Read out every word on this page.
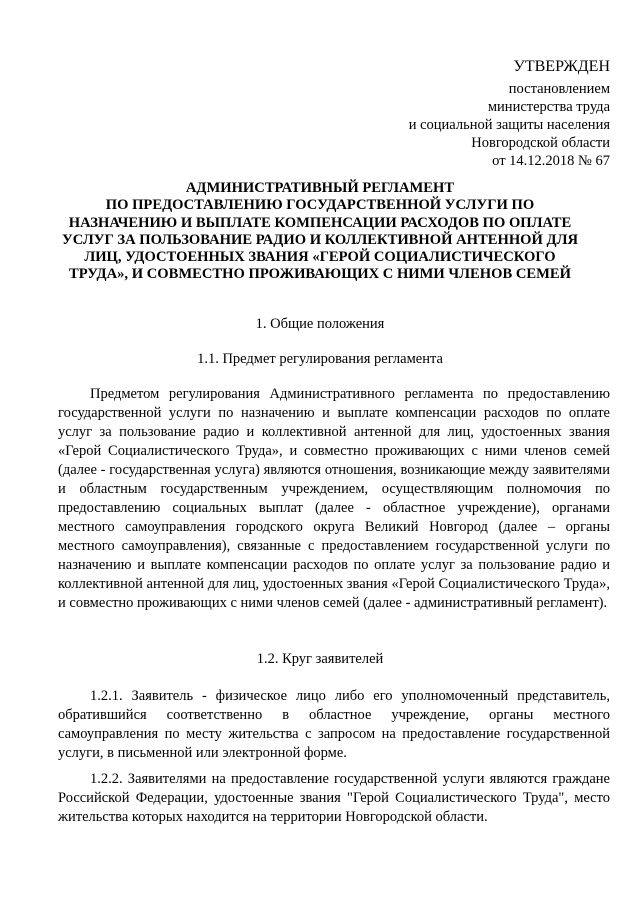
УТВЕРЖДЕН
постановлением
министерства труда
и социальной защиты населения
Новгородской области
от 14.12.2018 № 67
АДМИНИСТРАТИВНЫЙ РЕГЛАМЕНТ
ПО ПРЕДОСТАВЛЕНИЮ ГОСУДАРСТВЕННОЙ УСЛУГИ ПО
НАЗНАЧЕНИЮ И ВЫПЛАТЕ КОМПЕНСАЦИИ РАСХОДОВ ПО ОПЛАТЕ
УСЛУГ ЗА ПОЛЬЗОВАНИЕ РАДИО И КОЛЛЕКТИВНОЙ АНТЕННОЙ ДЛЯ
ЛИЦ, УДОСТОЕННЫХ ЗВАНИЯ «ГЕРОЙ СОЦИАЛИСТИЧЕСКОГО
ТРУДА», И СОВМЕСТНО ПРОЖИВАЮЩИХ С НИМИ ЧЛЕНОВ СЕМЕЙ
1. Общие положения
1.1. Предмет регулирования регламента

Предметом регулирования Административного регламента по предоставлению государственной услуги по назначению и выплате компенсации расходов по оплате услуг за пользование радио и коллективной антенной для лиц, удостоенных звания «Герой Социалистического Труда», и совместно проживающих с ними членов семей (далее - государственная услуга) являются отношения, возникающие между заявителями и областным государственным учреждением, осуществляющим полномочия по предоставлению социальных выплат (далее - областное учреждение), органами местного самоуправления городского округа Великий Новгород (далее – органы местного самоуправления), связанные с предоставлением государственной услуги по назначению и выплате компенсации расходов по оплате услуг за пользование радио и коллективной антенной для лиц, удостоенных звания «Герой Социалистического Труда», и совместно проживающих с ними членов семей (далее - административный регламент).

1.2. Круг заявителей

1.2.1. Заявитель - физическое лицо либо его уполномоченный представитель, обратившийся соответственно в областное учреждение, органы местного самоуправления по месту жительства с запросом на предоставление государственной услуги, в письменной или электронной форме.

1.2.2. Заявителями на предоставление государственной услуги являются граждане Российской Федерации, удостоенные звания "Герой Социалистического Труда", место жительства которых находится на территории Новгородской области.
